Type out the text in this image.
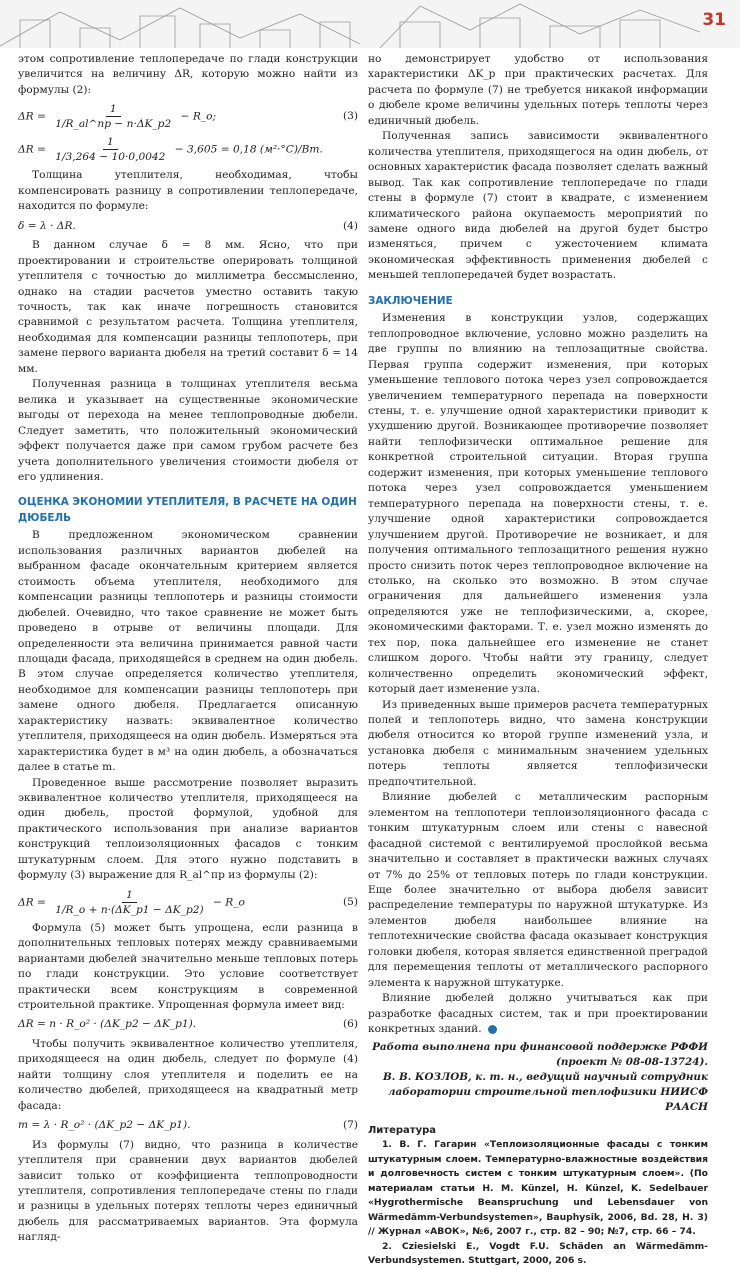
31

этом сопротивление теплопередаче по глади конструкции увеличится на величину ΔR, которую можно найти из формулы (2):

$\Delta R = \frac{1}{1/R\_al\^{}пр - n\cdot\Delta K\_p2}$ − R_o;	(3)
$\Delta R = \frac{1}{1/3,264 - 10\cdot 0,0042} - 3,605 = 0,18$ (м²·°С)/Вт.

Толщина утеплителя, необходимая, чтобы компенсировать разницу в сопротивлении теплопередаче, находится по формуле:

δ = λ · ΔR.	(4)

В данном случае δ = 8 мм. Ясно, что при проектировании и строительстве оперировать толщиной утеплителя с точностью до миллиметра бессмысленно, однако на стадии расчетов уместно оставить такую точность, так как иначе погрешность становится сравнимой с результатом расчета. Толщина утеплителя, необходимая для компенсации разницы теплопотерь, при замене первого варианта дюбеля на третий составит δ = 14 мм.

Полученная разница в толщинах утеплителя весьма велика и указывает на существенные экономические выгоды от перехода на менее теплопроводные дюбели. Следует заметить, что положительный экономический эффект получается даже при самом грубом расчете без учета дополнительного увеличения стоимости дюбеля от его удлинения.

ОЦЕНКА ЭКОНОМИИ УТЕПЛИТЕЛЯ, В РАСЧЕТЕ НА ОДИН ДЮБЕЛЬ

В предложенном экономическом сравнении использования различных вариантов дюбелей на выбранном фасаде окончательным критерием является стоимость объема утеплителя, необходимого для компенсации разницы теплопотерь и разницы стоимости дюбелей. Очевидно, что такое сравнение не может быть проведено в отрыве от величины площади. Для определенности эта величина принимается равной части площади фасада, приходящейся в среднем на один дюбель. В этом случае определяется количество утеплителя, необходимое для компенсации разницы теплопотерь при замене одного дюбеля. Предлагается описанную характеристику назвать: эквивалентное количество утеплителя, приходящееся на один дюбель. Измеряться эта характеристика будет в м³ на один дюбель, а обозначаться далее в статье m.

Проведенное выше рассмотрение позволяет выразить эквивалентное количество утеплителя, приходящееся на один дюбель, простой формулой, удобной для практического использования при анализе вариантов конструкций теплоизоляционных фасадов с тонким штукатурным слоем. Для этого нужно подставить в формулу (3) выражение для R_al^пр из формулы (2):

$\Delta R = \frac{1}{1/R\_o + n\cdot(\Delta K\_p1 - \Delta K\_p2)}$ − R_o	(5)

Формула (5) может быть упрощена, если разница в дополнительных тепловых потерях между сравниваемыми вариантами дюбелей значительно меньше тепловых потерь по глади конструкции. Это условие соответствует практически всем конструкциям в современной строительной практике. Упрощенная формула имеет вид:

ΔR = n · R_o² · (ΔK_p2 − ΔK_p1).	(6)

Чтобы получить эквивалентное количество утеплителя, приходящееся на один дюбель, следует по формуле (4) найти толщину слоя утеплителя и поделить ее на количество дюбелей, приходящееся на квадратный метр фасада:

m = λ · R_o² · (ΔK_p2 − ΔK_p1).	(7)

Из формулы (7) видно, что разница в количестве утеплителя при сравнении двух вариантов дюбелей зависит только от коэффициента теплопроводности утеплителя, сопротивления теплопередаче стены по глади и разницы в удельных потерях теплоты через единичный дюбель для рассматриваемых вариантов. Эта формула нагляд-

но демонстрирует удобство от использования характеристики ΔK_p при практических расчетах. Для расчета по формуле (7) не требуется никакой информации о дюбеле кроме величины удельных потерь теплоты через единичный дюбель.

Полученная запись зависимости эквивалентного количества утеплителя, приходящегося на один дюбель, от основных характеристик фасада позволяет сделать важный вывод. Так как сопротивление теплопередаче по глади стены в формуле (7) стоит в квадрате, с изменением климатического района окупаемость мероприятий по замене одного вида дюбелей на другой будет быстро изменяться, причем с ужесточением климата экономическая эффективность применения дюбелей с меньшей теплопередачей будет возрастать.

ЗАКЛЮЧЕНИЕ

Изменения в конструкции узлов, содержащих теплопроводное включение, условно можно разделить на две группы по влиянию на теплозащитные свойства. Первая группа содержит изменения, при которых уменьшение теплового потока через узел сопровождается увеличением температурного перепада на поверхности стены, т. е. улучшение одной характеристики приводит к ухудшению другой. Возникающее противоречие позволяет найти теплофизически оптимальное решение для конкретной строительной ситуации. Вторая группа содержит изменения, при которых уменьшение теплового потока через узел сопровождается уменьшением температурного перепада на поверхности стены, т. е. улучшение одной характеристики сопровождается улучшением другой. Противоречие не возникает, и для получения оптимального теплозащитного решения нужно просто снизить поток через теплопроводное включение на столько, на сколько это возможно. В этом случае ограничения для дальнейшего изменения узла определяются уже не теплофизическими, а, скорее, экономическими факторами. Т. е. узел можно изменять до тех пор, пока дальнейшее его изменение не станет слишком дорого. Чтобы найти эту границу, следует количественно определить экономический эффект, который дает изменение узла.

Из приведенных выше примеров расчета температурных полей и теплопотерь видно, что замена конструкции дюбеля относится ко второй группе изменений узла, и установка дюбеля с минимальным значением удельных потерь теплоты является теплофизически предпочтительной.

Влияние дюбелей с металлическим распорным элементом на теплопотери теплоизоляционного фасада с тонким штукатурным слоем или стены с навесной фасадной системой с вентилируемой прослойкой весьма значительно и составляет в практически важных случаях от 7% до 25% от тепловых потерь по глади конструкции. Еще более значительно от выбора дюбеля зависит распределение температуры по наружной штукатурке. Из элементов дюбеля наибольшее влияние на теплотехнические свойства фасада оказывает конструкция головки дюбеля, которая является единственной преградой для перемещения теплоты от металлического распорного элемента к наружной штукатурке.

Влияние дюбелей должно учитываться как при разработке фасадных систем, так и при проектировании конкретных зданий.

Работа выполнена при финансовой поддержке РФФИ
(проект № 08-08-13724).
В. В. КОЗЛОВ, к. т. н., ведущий научный сотрудник
лаборатории строительной теплофизики НИИСФ РААСН
Литература

1. В. Г. Гагарин «Теплоизоляционные фасады с тонким штукатурным слоем. Температурно-влажностные воздействия и долговечность систем с тонким штукатурным слоем». (По материалам статьи H. M. Künzel, H. Künzel, K. Sedelbauer «Hygrothermische Beanspruchung und Lebensdauer von Wärmedämm-Verbundsystemen», Bauphysik, 2006, Bd. 28, H. 3) // Журнал «АВОК», №6, 2007 г., стр. 82 – 90; №7, стр. 66 – 74.

2. Cziesielski E., Vogdt F.U. Schäden an Wärmedämm-Verbundsystemen. Stuttgart, 2000, 206 s.
